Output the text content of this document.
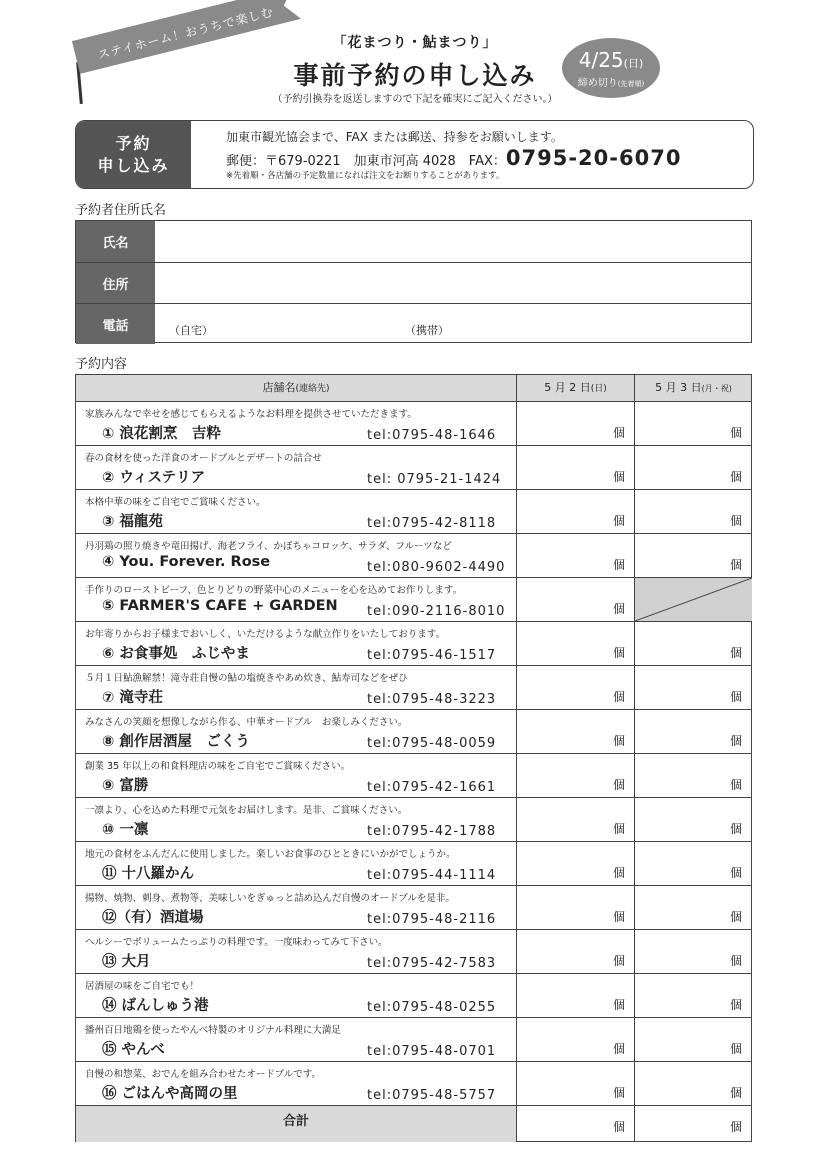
ステイホーム！おうちで楽しむ	「花まつり・鮎まつり」
事前予約の申し込み
（予約引換券を返送しますので下記を確実にご記入ください。）
4/25(日)
締め切り(先着順)
予約
申し込み
加東市観光協会まで、FAX または郵送、持参をお願いします。
郵便：〒679-0221　加東市河高 4028　FAX：0795-20-6070
※先着順・各店舗の予定数量になれば注文をお断りすることがあります。
予約者住所氏名
氏名
住所
電話	（自宅）	（携帯）
予約内容
店舗名(連絡先)	5 月 2 日(日)	5 月 3 日(月・祝)
家族みんなで幸せを感じてもらえるようなお料理を提供させていただきます。
① 浪花割烹　吉粋	tel:0795-48-1646	個	個
春の食材を使った洋食のオードブルとデザートの詰合せ
② ウィステリア	tel: 0795-21-1424	個	個
本格中華の味をご自宅でご賞味ください。
③ 福龍苑	tel:0795-42-8118	個	個
丹羽鶏の照り焼きや竜田揚げ、海老フライ、かぼちゃコロッケ、サラダ、フルーツなど
④ You. Forever. Rose	tel:080-9602-4490	個	個
手作りのローストビーフ、色とりどりの野菜中心のメニューを心を込めてお作りします。
⑤ FARMER'S CAFE + GARDEN tel:090-2116-8010	個
お年寄りからお子様までおいしく、いただけるような献立作りをいたしております。
⑥ お食事処　ふじやま	tel:0795-46-1517	個	個
５月１日鮎漁解禁！滝寺荘自慢の鮎の塩焼きやあめ炊き、鮎寿司などをぜひ
⑦ 滝寺荘	tel:0795-48-3223	個	個
みなさんの笑顔を想像しながら作る、中華オードブル　お楽しみください。
⑧ 創作居酒屋　ごくう	tel:0795-48-0059	個	個
創業 35 年以上の和食料理店の味をご自宅でご賞味ください。
⑨ 富勝	tel:0795-42-1661	個	個
一凛より、心を込めた料理で元気をお届けします。是非、ご賞味ください。
⑩ 一凛	tel:0795-42-1788	個	個
地元の食材をふんだんに使用しました。楽しいお食事のひとときにいかがでしょうか。
⑪ 十八羅かん	tel:0795-44-1114	個	個
揚物、焼物、刺身、煮物等、美味しいをぎゅっと詰め込んだ自慢のオードブルを是非。
⑫（有）酒道場	tel:0795-48-2116	個	個
ヘルシーでボリュームたっぷりの料理です。一度味わってみて下さい。
⑬ 大月	tel:0795-42-7583	個	個
居酒屋の味をご自宅でも！
⑭ ばんしゅう港	tel:0795-48-0255	個	個
播州百日地鶏を使ったやんべ特製のオリジナル料理に大満足
⑮ やんべ	tel:0795-48-0701	個	個
自慢の和惣菜、おでんを組み合わせたオードブルです。
⑯ ごはんや高岡の里	tel:0795-48-5757	個	個
合計	個	個
